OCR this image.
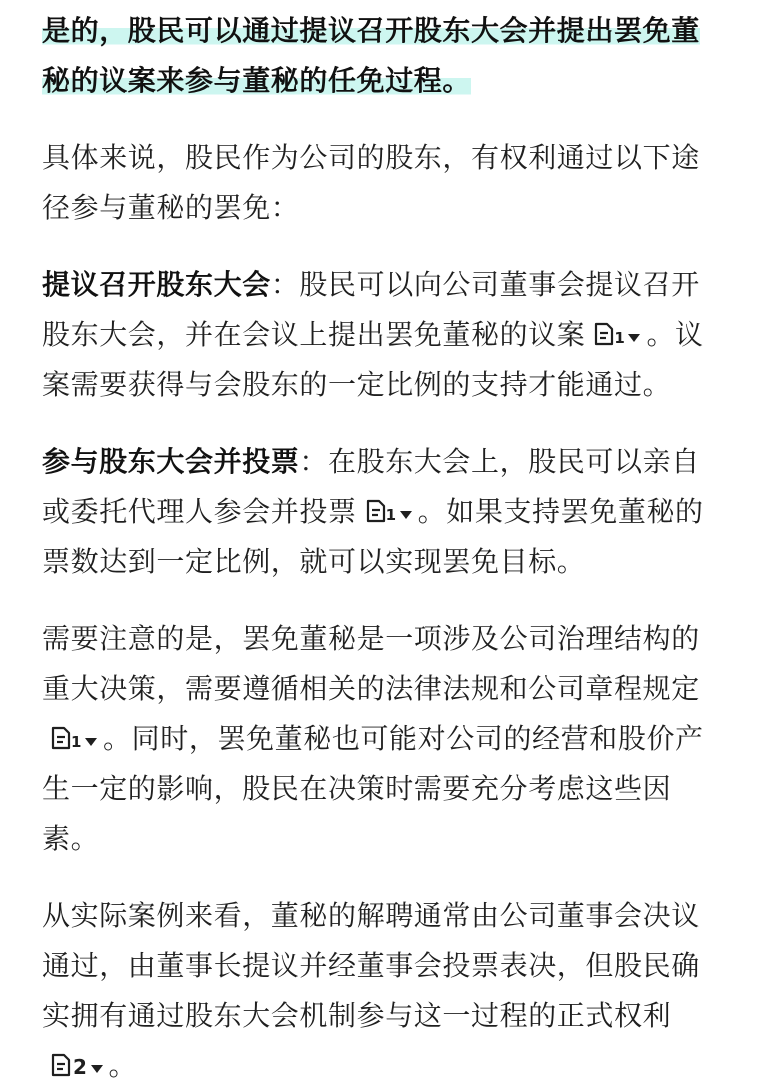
是的，股民可以通过提议召开股东大会并提出罢免董秘的议案来参与董秘的任免过程。

具体来说，股民作为公司的股东，有权利通过以下途径参与董秘的罢免：

提议召开股东大会：股民可以向公司董事会提议召开股东大会，并在会议上提出罢免董秘的议案 1 。议案需要获得与会股东的一定比例的支持才能通过。

参与股东大会并投票：在股东大会上，股民可以亲自或委托代理人参会并投票 1 。如果支持罢免董秘的票数达到一定比例，就可以实现罢免目标。

需要注意的是，罢免董秘是一项涉及公司治理结构的重大决策，需要遵循相关的法律法规和公司章程规定
1 。同时，罢免董秘也可能对公司的经营和股价产生一定的影响，股民在决策时需要充分考虑这些因素。

从实际案例来看，董秘的解聘通常由公司董事会决议通过，由董事长提议并经董事会投票表决，但股民确实拥有通过股东大会机制参与这一过程的正式权利
2 。
